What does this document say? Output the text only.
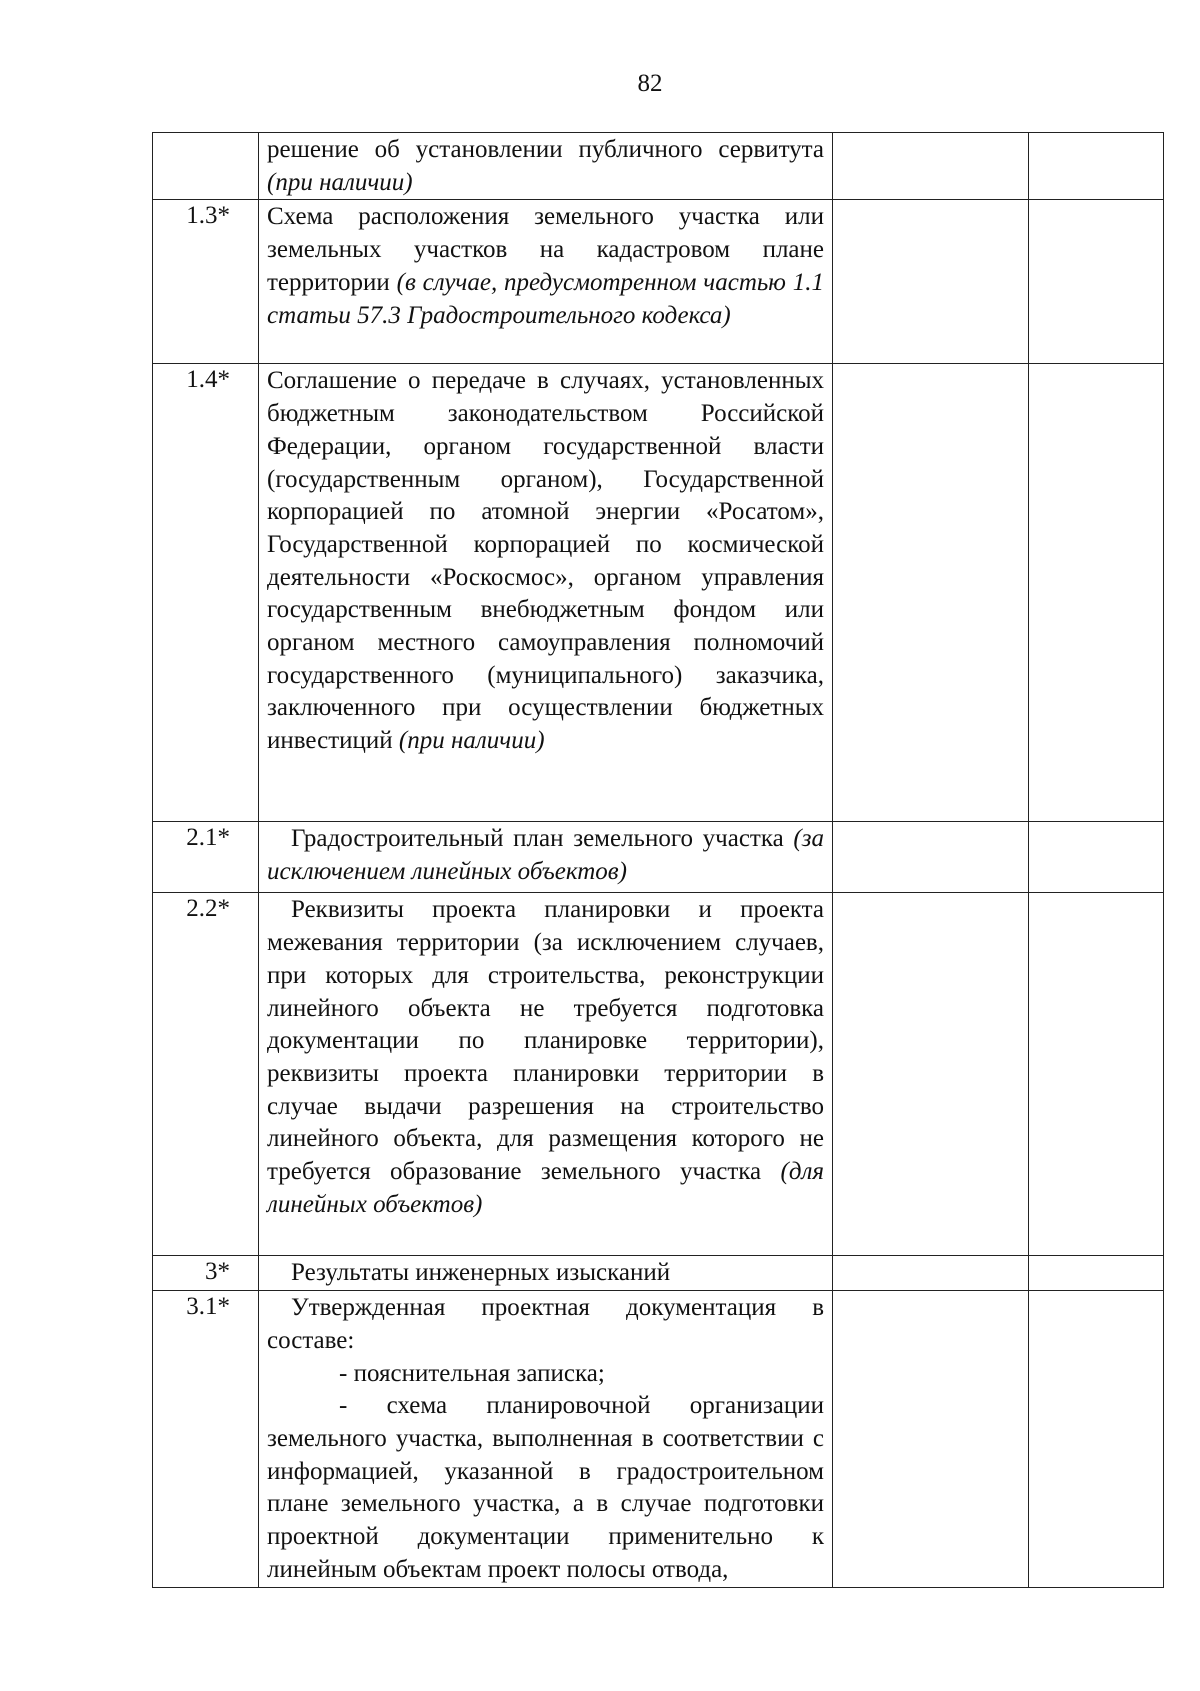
82
	решение об установлении публичного сервитута (при наличии)		
1.3*	Схема расположения земельного участка или земельных участков на кадастровом плане территории (в случае, предусмотренном частью 1.1 статьи 57.3 Градостроительного кодекса)		
1.4*	Соглашение о передаче в случаях, установленных бюджетным законодательством Российской Федерации, органом государственной власти (государственным органом), Государственной корпорацией по атомной энергии «Росатом», Государственной корпорацией по космической деятельности «Роскосмос», органом управления государственным внебюджетным фондом или органом местного самоуправления полномочий государственного (муниципального) заказчика, заключенного при осуществлении бюджетных инвестиций (при наличии)		
2.1*	Градостроительный план земельного участка (за исключением линейных объектов)		

2.2*	Реквизиты проекта планировки и проекта межевания территории (за исключением случаев, при которых для строительства, реконструкции линейного объекта не требуется подготовка документации по планировке территории), реквизиты проекта планировки территории в случае выдачи разрешения на строительство линейного объекта, для размещения которого не требуется образование земельного участка (для линейных объектов)		

3*	Результаты инженерных изысканий		

3.1*	Утвержденная проектная документация в составе:

- пояснительная записка;

- схема планировочной организации земельного участка, выполненная в соответствии с информацией, указанной в градостроительном плане земельного участка, а в случае подготовки проектной документации применительно к линейным объектам проект полосы отвода,		
